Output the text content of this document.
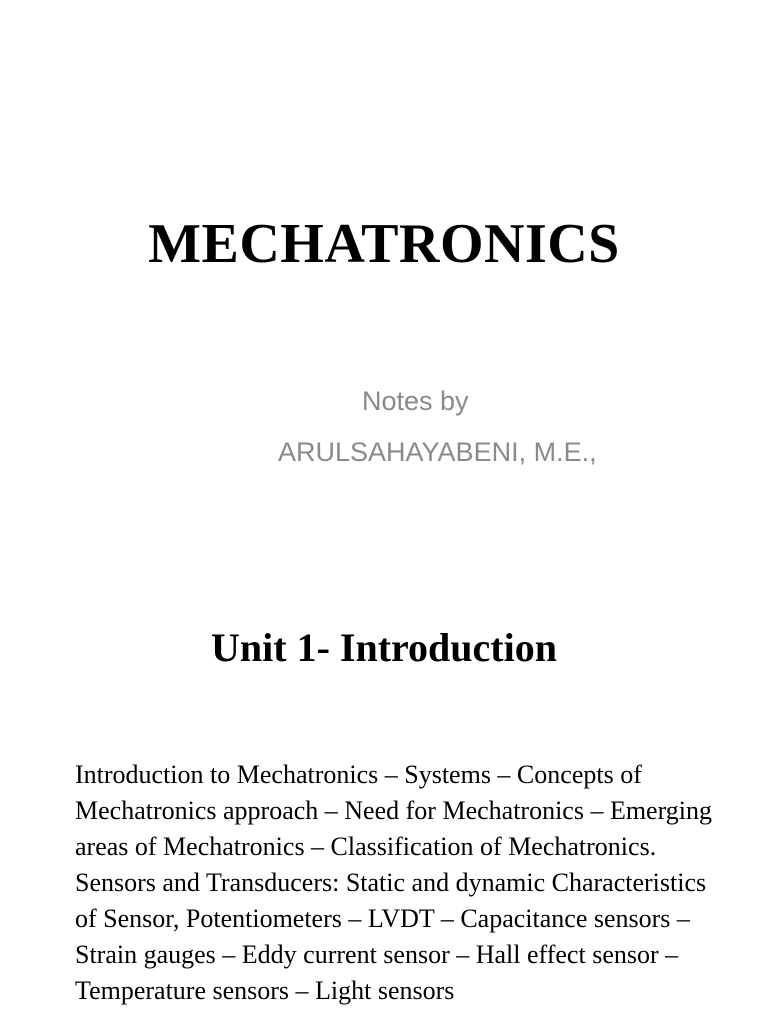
MECHATRONICS

Notes by

ARULSAHAYABENI, M.E.,

Unit 1- Introduction

Introduction to Mechatronics – Systems – Concepts of Mechatronics approach – Need for Mechatronics – Emerging areas of Mechatronics – Classification of Mechatronics. Sensors and Transducers: Static and dynamic Characteristics of Sensor, Potentiometers – LVDT – Capacitance sensors – Strain gauges – Eddy current sensor – Hall effect sensor – Temperature sensors – Light sensors
